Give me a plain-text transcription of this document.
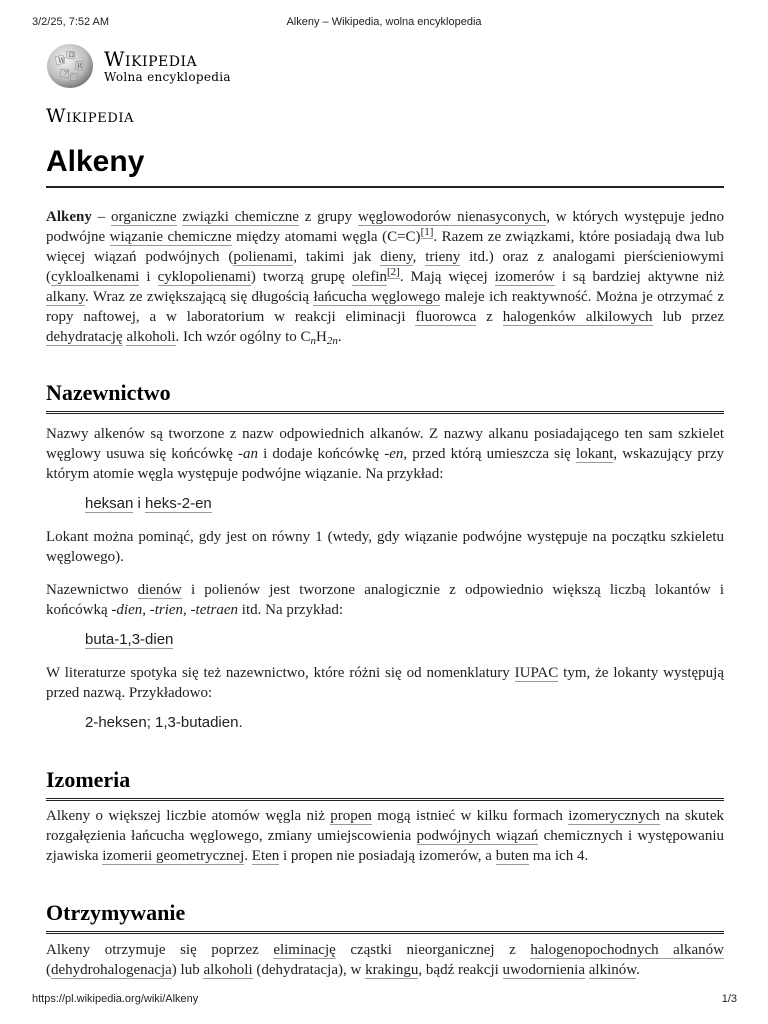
3/2/25, 7:52 AM	Alkeny – Wikipedia, wolna encyklopedia
W
Ω
И
ア
Wikipedia
Wolna encyklopedia
Wikipedia
Alkeny

Alkeny – organiczne związki chemiczne z grupy węglowodorów nienasyconych, w których występuje jedno podwójne wiązanie chemiczne między atomami węgla (C=C)[1]. Razem ze związkami, które posiadają dwa lub więcej wiązań podwójnych (polienami, takimi jak dieny, trieny itd.) oraz z analogami pierścieniowymi (cykloalkenami i cyklopolienami) tworzą grupę olefin[2]. Mają więcej izomerów i są bardziej aktywne niż alkany. Wraz ze zwiększającą się długością łańcucha węglowego maleje ich reaktywność. Można je otrzymać z ropy naftowej, a w laboratorium w reakcji eliminacji fluorowca z halogenków alkilowych lub przez dehydratację alkoholi. Ich wzór ogólny to $C_nH_{2n}$.

Nazewnictwo

Nazwy alkenów są tworzone z nazw odpowiednich alkanów. Z nazwy alkanu posiadającego ten sam szkielet węglowy usuwa się końcówkę -an i dodaje końcówkę -en, przed którą umieszcza się lokant, wskazujący przy którym atomie węgla występuje podwójne wiązanie. Na przykład:

heksan i heks-2-en

Lokant można pominąć, gdy jest on równy 1 (wtedy, gdy wiązanie podwójne występuje na początku szkieletu węglowego).

Nazewnictwo dienów i polienów jest tworzone analogicznie z odpowiednio większą liczbą lokantów i końcówką -dien, -trien, -tetraen itd. Na przykład:

buta-1,3-dien

W literaturze spotyka się też nazewnictwo, które różni się od nomenklatury IUPAC tym, że lokanty występują przed nazwą. Przykładowo:

2-heksen; 1,3-butadien.
Izomeria

Alkeny o większej liczbie atomów węgla niż propen mogą istnieć w kilku formach izomerycznych na skutek rozgałęzienia łańcucha węglowego, zmiany umiejscowienia podwójnych wiązań chemicznych i występowaniu zjawiska izomerii geometrycznej. Eten i propen nie posiadają izomerów, a buten ma ich 4.

Otrzymywanie

Alkeny otrzymuje się poprzez eliminację cząstki nieorganicznej z halogenopochodnych alkanów (dehydrohalogenacja) lub alkoholi (dehydratacja), w krakingu, bądź reakcji uwodornienia alkinów.

https://pl.wikipedia.org/wiki/Alkeny	1/3
